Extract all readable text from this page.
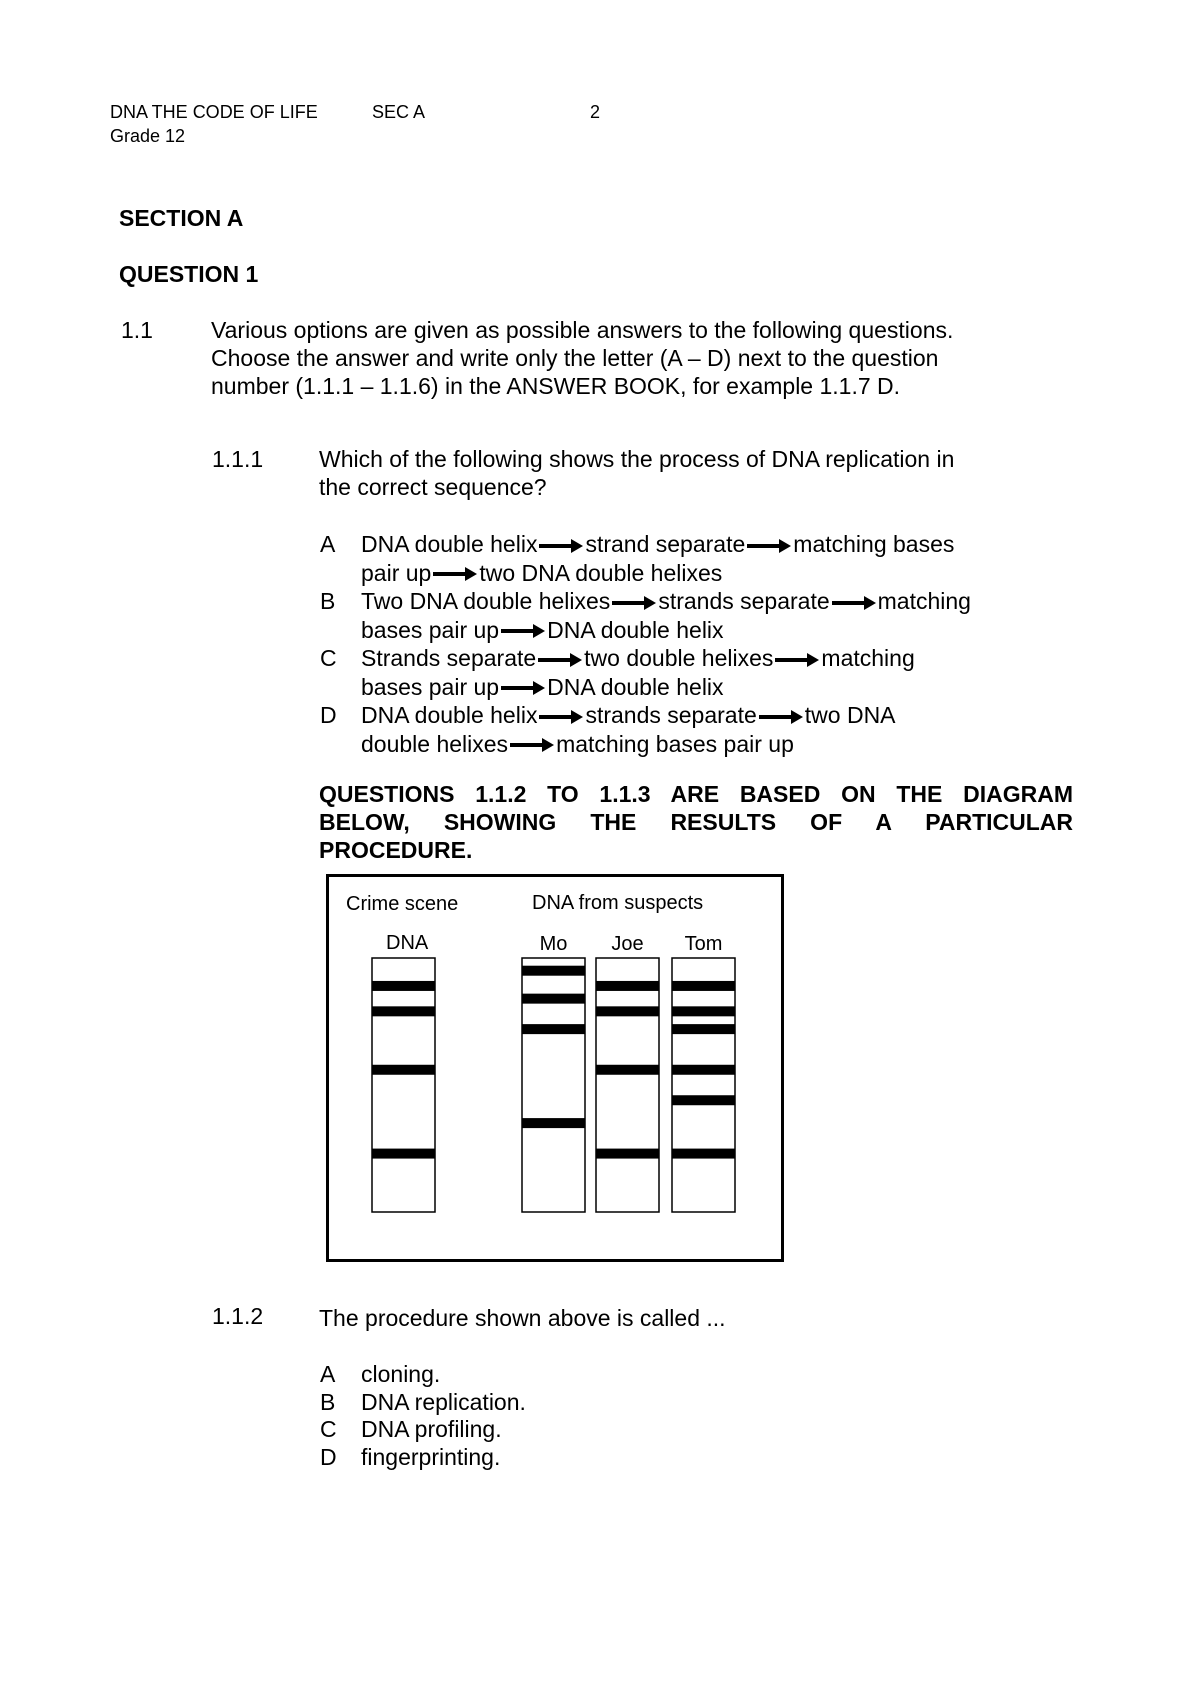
DNA THE CODE OF LIFE	SEC A	2
Grade 12
SECTION A
QUESTION 1
1.1	Various options are given as possible answers to the following questions.
Choose the answer and write only the letter (A – D) next to the question
number (1.1.1 – 1.1.6) in the ANSWER BOOK, for example 1.1.7 D.
1.1.1 Which of the following shows the process of DNA replication in
the correct sequence?
A DNA double helix strand separate matching bases
pair up two DNA double helixes
B Two DNA double helixes strands separate matching
bases pair up DNA double helix
C Strands separate two double helixes matching
bases pair up DNA double helix
D DNA double helix strands separate two DNA
double helixes matching bases pair up
QUESTIONS 1.1.2 TO 1.1.3 ARE BASED ON THE DIAGRAM
BELOW, SHOWING THE RESULTS OF A PARTICULAR
PROCEDURE.
Crime scene
DNA
DNA from suspects
Mo Joe Tom
1.1.2 The procedure shown above is called ...
A cloning.
B DNA replication.
C DNA profiling.
D fingerprinting.
